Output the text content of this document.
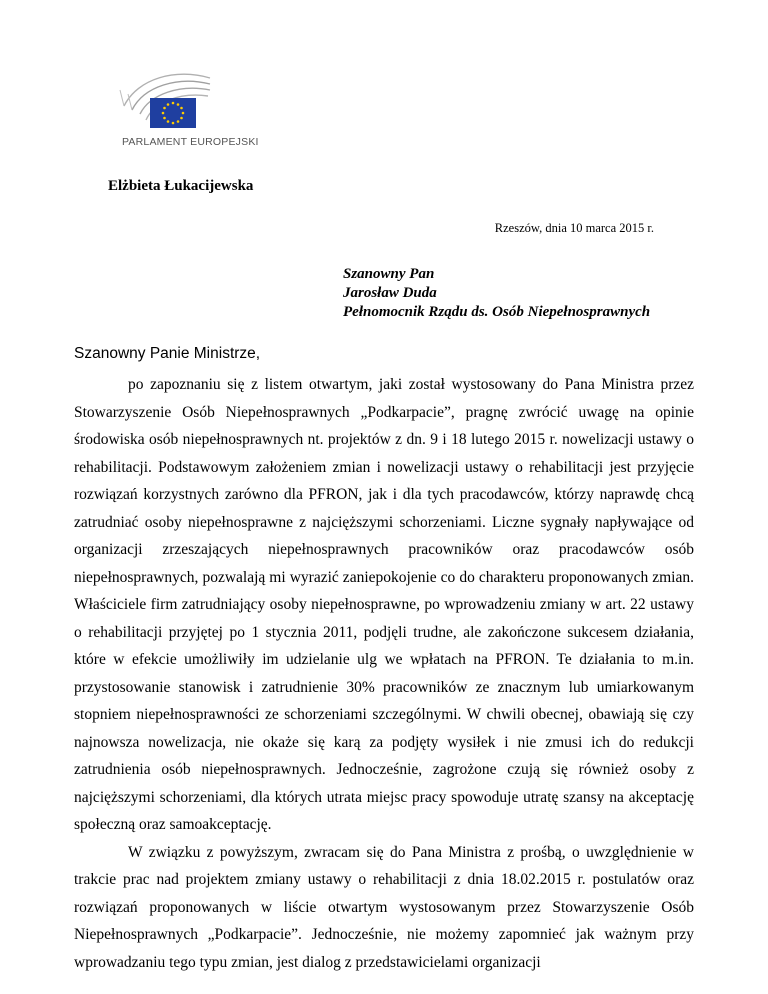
PARLAMENT EUROPEJSKI
Elżbieta Łukacijewska
Rzeszów, dnia 10 marca 2015 r.
Szanowny Pan
Jarosław Duda
Pełnomocnik Rządu ds. Osób Niepełnosprawnych
Szanowny Panie Ministrze,

po zapoznaniu się z listem otwartym, jaki został wystosowany do Pana Ministra przez Stowarzyszenie Osób Niepełnosprawnych „Podkarpacie”, pragnę zwrócić uwagę na opinie środowiska osób niepełnosprawnych nt. projektów z dn. 9 i 18 lutego 2015 r. nowelizacji ustawy o rehabilitacji. Podstawowym założeniem zmian i nowelizacji ustawy o rehabilitacji jest przyjęcie rozwiązań korzystnych zarówno dla PFRON, jak i dla tych pracodawców, którzy naprawdę chcą zatrudniać osoby niepełnosprawne z najcięższymi schorzeniami. Liczne sygnały napływające od organizacji zrzeszających niepełnosprawnych pracowników oraz pracodawców osób niepełnosprawnych, pozwalają mi wyrazić zaniepokojenie co do charakteru proponowanych zmian. Właściciele firm zatrudniający osoby niepełnosprawne, po wprowadzeniu zmiany w art. 22 ustawy o rehabilitacji przyjętej po 1 stycznia 2011, podjęli trudne, ale zakończone sukcesem działania, które w efekcie umożliwiły im udzielanie ulg we wpłatach na PFRON. Te działania to m.in. przystosowanie stanowisk i zatrudnienie 30% pracowników ze znacznym lub umiarkowanym stopniem niepełnosprawności ze schorzeniami szczególnymi. W chwili obecnej, obawiają się czy najnowsza nowelizacja, nie okaże się karą za podjęty wysiłek i nie zmusi ich do redukcji zatrudnienia osób niepełnosprawnych. Jednocześnie, zagrożone czują się również osoby z najcięższymi schorzeniami, dla których utrata miejsc pracy spowoduje utratę szansy na akceptację społeczną oraz samoakceptację.

W związku z powyższym, zwracam się do Pana Ministra z prośbą, o uwzględnienie w trakcie prac nad projektem zmiany ustawy o rehabilitacji z dnia 18.02.2015 r. postulatów oraz rozwiązań proponowanych w liście otwartym wystosowanym przez Stowarzyszenie Osób Niepełnosprawnych „Podkarpacie”. Jednocześnie, nie możemy zapomnieć jak ważnym przy wprowadzaniu tego typu zmian, jest dialog z przedstawicielami organizacji
